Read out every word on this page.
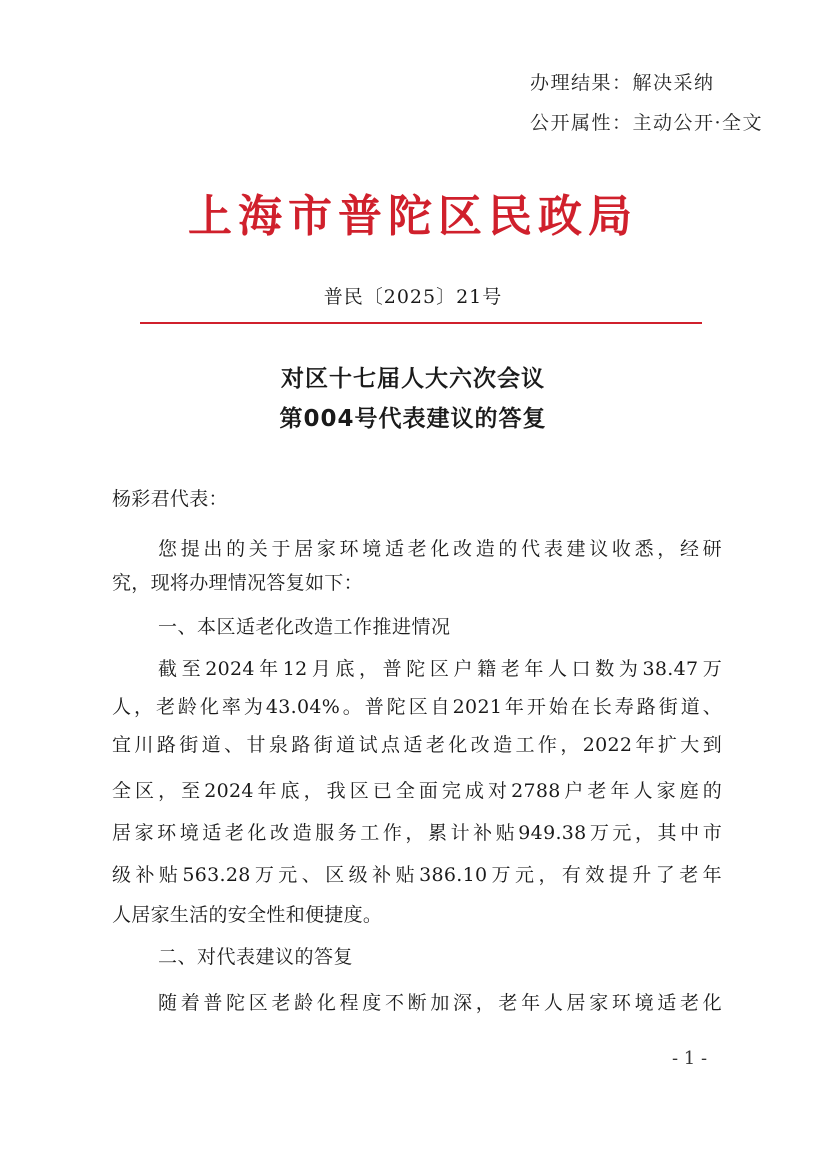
办理结果：解决采纳
公开属性：主动公开·全文
上海市普陀区民政局
普民〔2025〕21号
对区十七届人大六次会议
第004号代表建议的答复
杨彩君代表：
您提出的关于居家环境适老化改造的代表建议收悉，经研
究，现将办理情况答复如下：
一、本区适老化改造工作推进情况
截至2024年12月底，普陀区户籍老年人口数为38.47万
人，老龄化率为43.04%。普陀区自2021年开始在长寿路街道、
宜川路街道、甘泉路街道试点适老化改造工作，2022年扩大到
全区，至2024年底，我区已全面完成对2788户老年人家庭的
居家环境适老化改造服务工作，累计补贴949.38万元，其中市
级补贴563.28万元、区级补贴386.10万元，有效提升了老年
人居家生活的安全性和便捷度。
二、对代表建议的答复
随着普陀区老龄化程度不断加深，老年人居家环境适老化
- 1 -
